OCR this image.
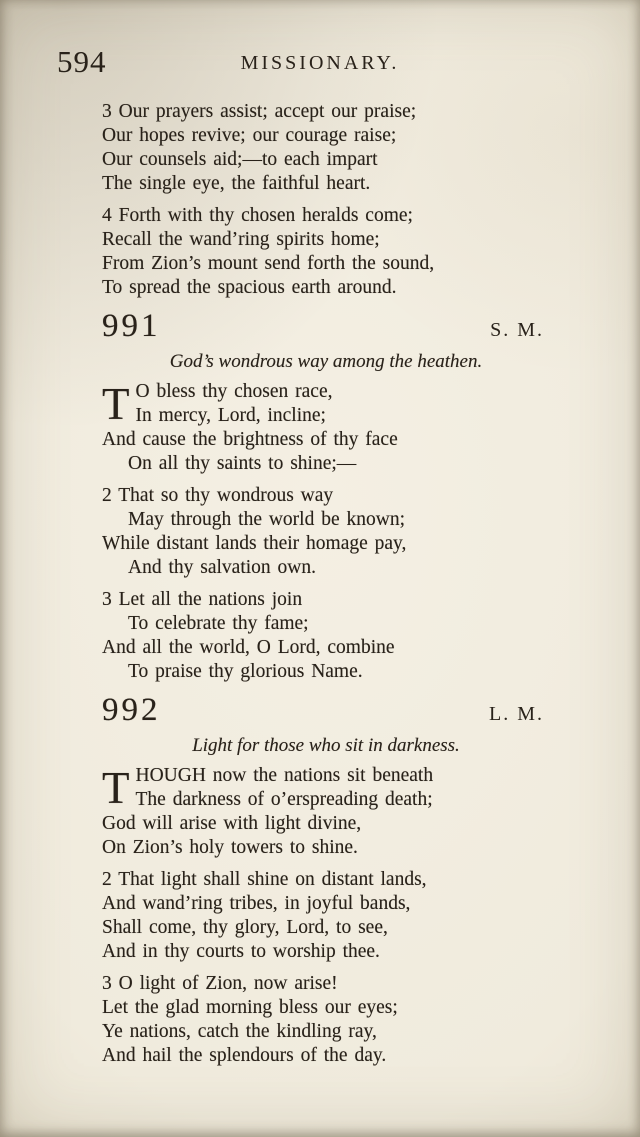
594	MISSIONARY.
3 Our prayers assist; accept our praise;
Our hopes revive; our courage raise;
Our counsels aid;—to each impart
The single eye, the faithful heart.
4 Forth with thy chosen heralds come;
Recall the wand’ring spirits home;
From Zion’s mount send forth the sound,
To spread the spacious earth around.
991	S. M.
God’s wondrous way among the heathen.
T O bless thy chosen race,
In mercy, Lord, incline;
And cause the brightness of thy face
On all thy saints to shine;—
2 That so thy wondrous way
May through the world be known;
While distant lands their homage pay,
And thy salvation own.
3 Let all the nations join
To celebrate thy fame;
And all the world, O Lord, combine
To praise thy glorious Name.
992	L. M.
Light for those who sit in darkness.
T HOUGH now the nations sit beneath
The darkness of o’erspreading death;
God will arise with light divine,
On Zion’s holy towers to shine.
2 That light shall shine on distant lands,
And wand’ring tribes, in joyful bands,
Shall come, thy glory, Lord, to see,
And in thy courts to worship thee.
3 O light of Zion, now arise!
Let the glad morning bless our eyes;
Ye nations, catch the kindling ray,
And hail the splendours of the day.
